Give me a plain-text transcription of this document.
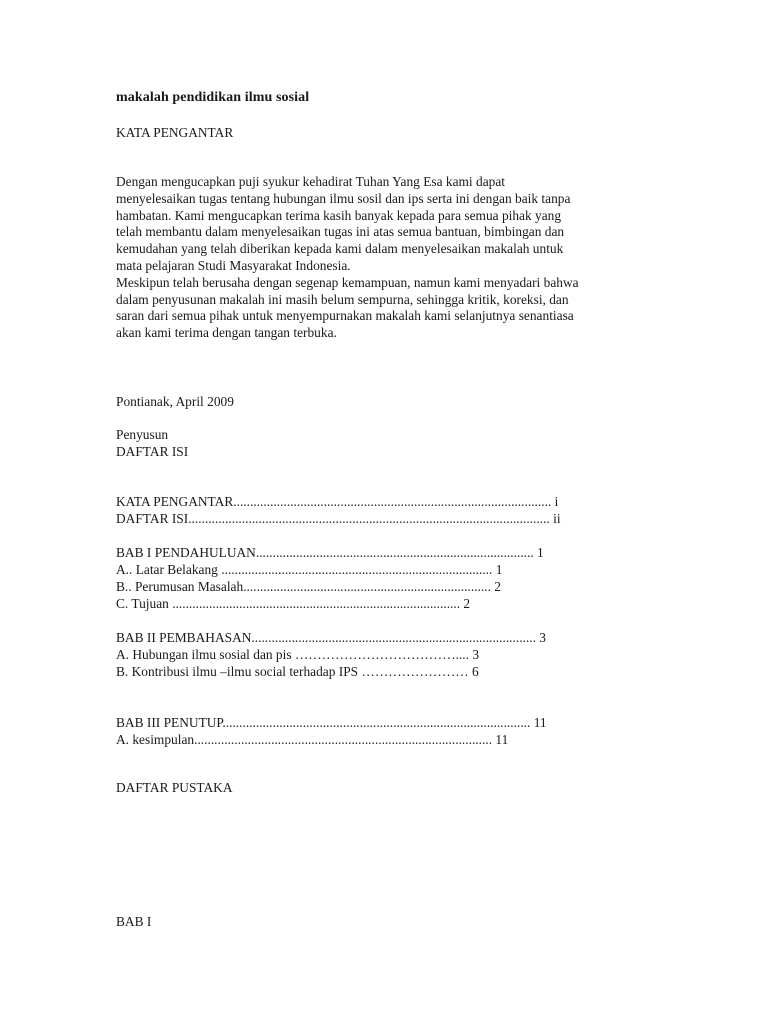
makalah pendidikan ilmu sosial
KATA PENGANTAR
Dengan mengucapkan puji syukur kehadirat Tuhan Yang Esa kami dapat
menyelesaikan tugas tentang hubungan ilmu sosil dan ips serta ini dengan baik tanpa
hambatan. Kami mengucapkan terima kasih banyak kepada para semua pihak yang
telah membantu dalam menyelesaikan tugas ini atas semua bantuan, bimbingan dan
kemudahan yang telah diberikan kepada kami dalam menyelesaikan makalah untuk
mata pelajaran Studi Masyarakat Indonesia.
Meskipun telah berusaha dengan segenap kemampuan, namun kami menyadari bahwa
dalam penyusunan makalah ini masih belum sempurna, sehingga kritik, koreksi, dan
saran dari semua pihak untuk menyempurnakan makalah kami selanjutnya senantiasa
akan kami terima dengan tangan terbuka.
Pontianak, April 2009
Penyusun
DAFTAR ISI
KATA PENGANTAR............................................................................................... i
DAFTAR ISI............................................................................................................ ii
BAB I PENDAHULUAN................................................................................... 1
A.. Latar Belakang ................................................................................. 1
B.. Perumusan Masalah.......................................................................... 2
C. Tujuan ...................................................................................... 2
BAB II PEMBAHASAN..................................................................................... 3
A. Hubungan ilmu sosial dan pis ……………………………….... 3
B. Kontribusi ilmu –ilmu social terhadap IPS …………………… 6
BAB III PENUTUP............................................................................................ 11
A. kesimpulan......................................................................................... 11
DAFTAR PUSTAKA
BAB I
